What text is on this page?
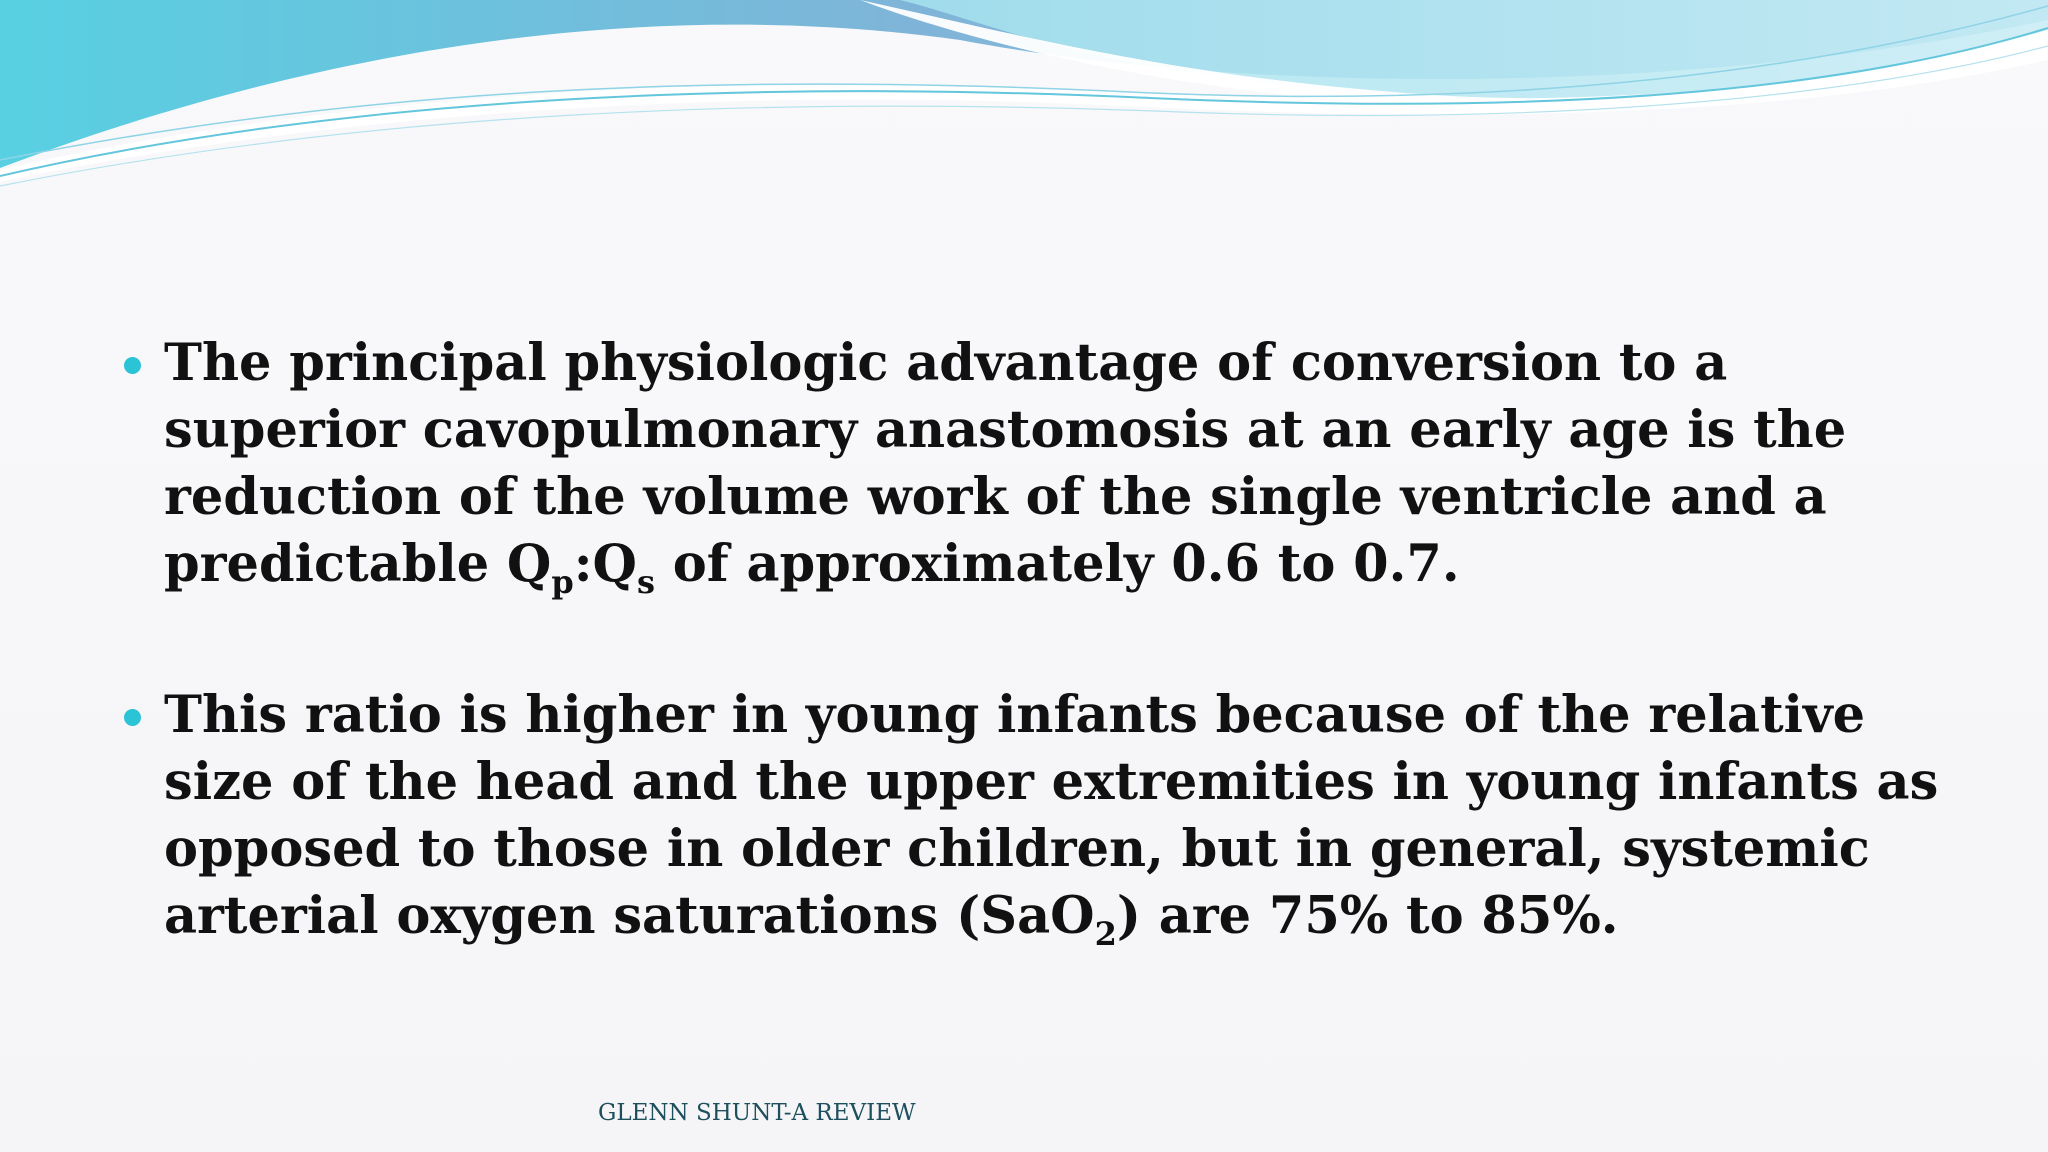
The principal physiologic advantage of conversion to a superior cavopulmonary anastomosis at an early age is the reduction of the volume work of the single ventricle and a predictable $Q_p:Q_s$ of approximately 0.6 to 0.7.
This ratio is higher in young infants because of the relative size of the head and the upper extremities in young infants as opposed to those in older children, but in general, systemic arterial oxygen saturations (SaO$_2$) are 75% to 85%.
GLENN SHUNT-A REVIEW
